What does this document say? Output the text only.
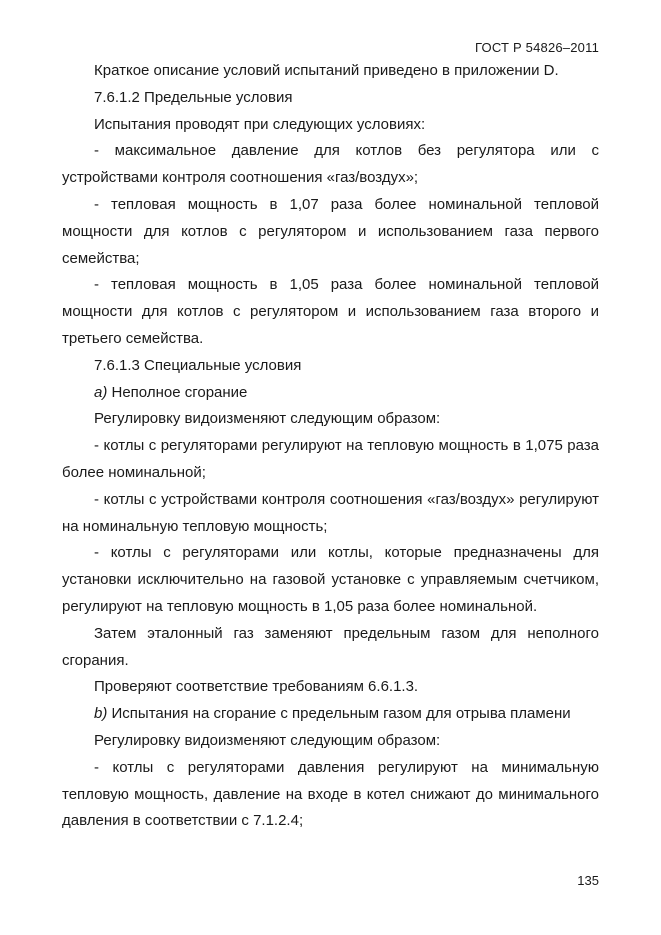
ГОСТ Р 54826–2011

Краткое описание условий испытаний приведено в приложении D.

7.6.1.2 Предельные условия

Испытания проводят при следующих условиях:

- максимальное давление для котлов без регулятора или с устройствами контроля соотношения «газ/воздух»;

- тепловая мощность в 1,07 раза более номинальной тепловой мощности для котлов с регулятором и использованием газа первого семейства;

- тепловая мощность в 1,05 раза более номинальной тепловой мощности для котлов с регулятором и использованием газа второго и третьего семейства.

7.6.1.3 Специальные условия

а) Неполное сгорание

Регулировку видоизменяют следующим образом:

- котлы с регуляторами регулируют на тепловую мощность в 1,075 раза более номинальной;

- котлы с устройствами контроля соотношения «газ/воздух» регулируют на номинальную тепловую мощность;

- котлы с регуляторами или котлы, которые предназначены для установки исключительно на газовой установке с управляемым счетчиком, регулируют на тепловую мощность в 1,05 раза более номинальной.

Затем эталонный газ заменяют предельным газом для неполного сгорания.

Проверяют соответствие требованиям 6.6.1.3.

b) Испытания на сгорание с предельным газом для отрыва пламени

Регулировку видоизменяют следующим образом:

- котлы с регуляторами давления регулируют на минимальную тепловую мощность, давление на входе в котел снижают до минимального давления в соответствии с 7.1.2.4;

135
